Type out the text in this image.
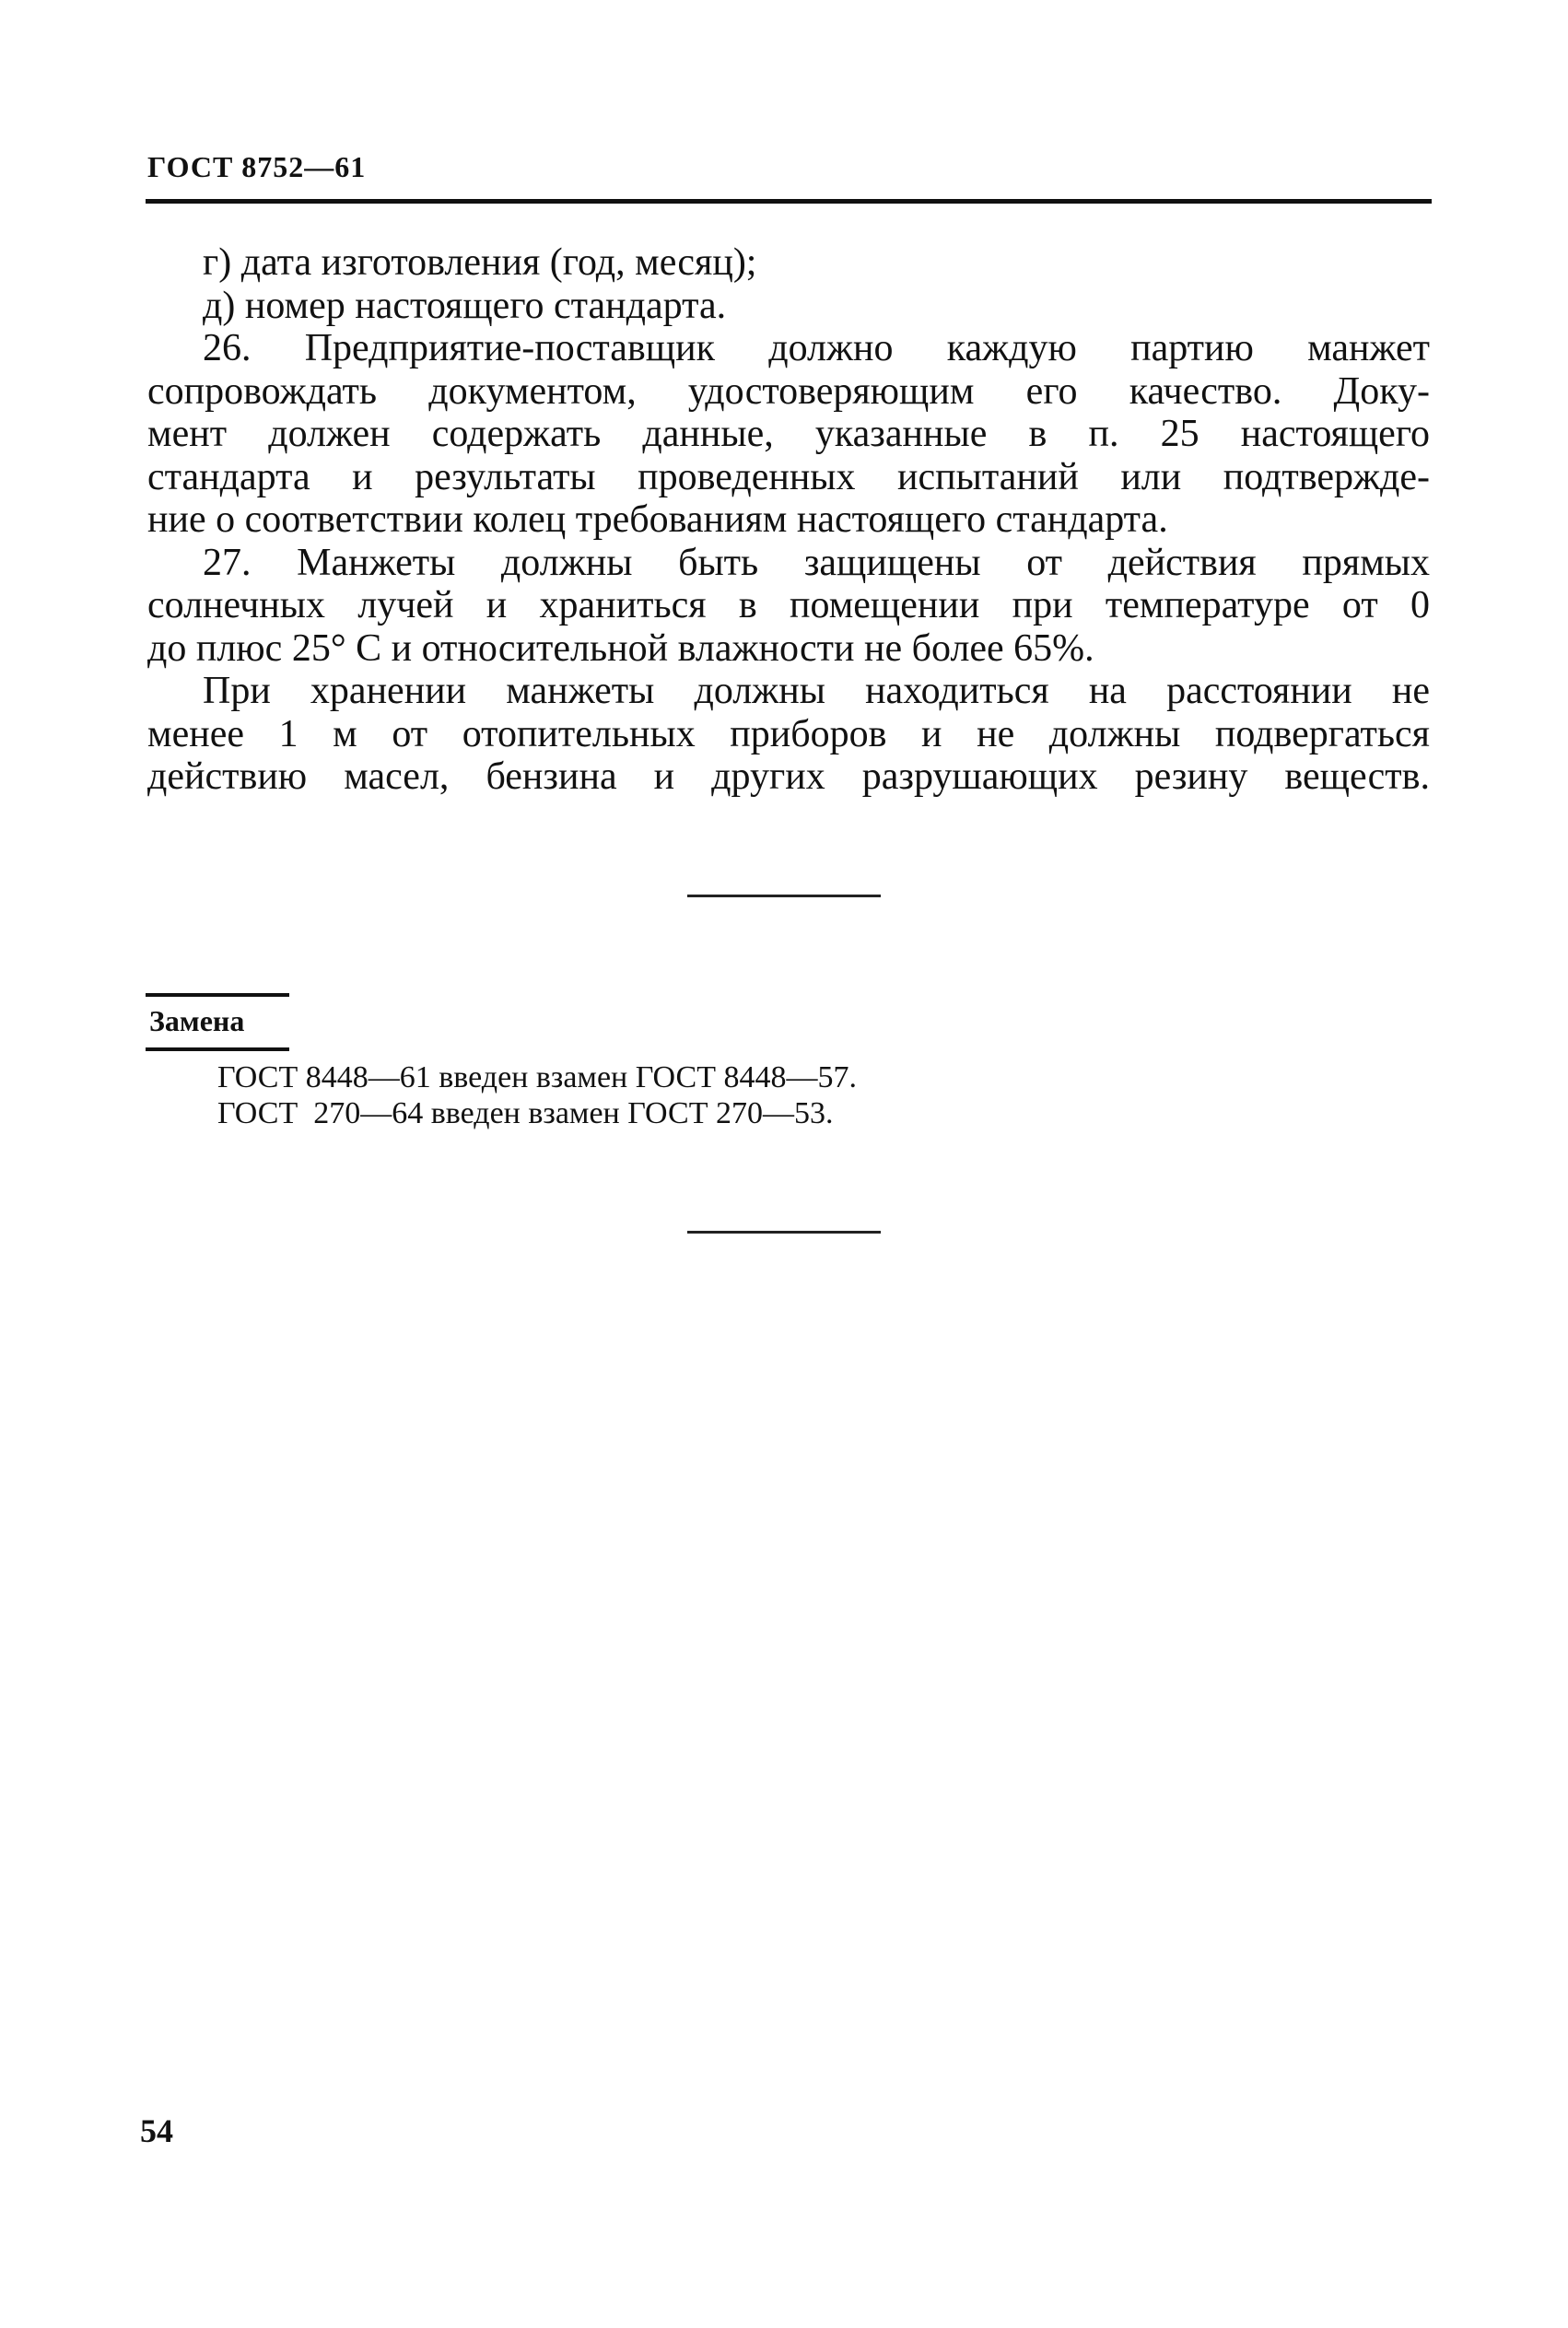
ГОСТ 8752—61
г) дата изготовления (год, месяц);
д) номер настоящего стандарта.
26. Предприятие-поставщик должно каждую партию манжет
сопровождать документом, удостоверяющим его качество. Доку-
мент должен содержать данные, указанные в п. 25 настоящего
стандарта и результаты проведенных испытаний или подтвержде-
ние о соответствии колец требованиям настоящего стандарта.
27. Манжеты должны быть защищены от действия прямых
солнечных лучей и храниться в помещении при температуре от 0
до плюс 25° С и относительной влажности не более 65%.
При хранении манжеты должны находиться на расстоянии не
менее 1 м от отопительных приборов и не должны подвергаться
действию масел, бензина и других разрушающих резину веществ.
Замена
ГОСТ 8448—61 введен взамен ГОСТ 8448—57.
ГОСТ  270—64 введен взамен ГОСТ 270—53.
54
